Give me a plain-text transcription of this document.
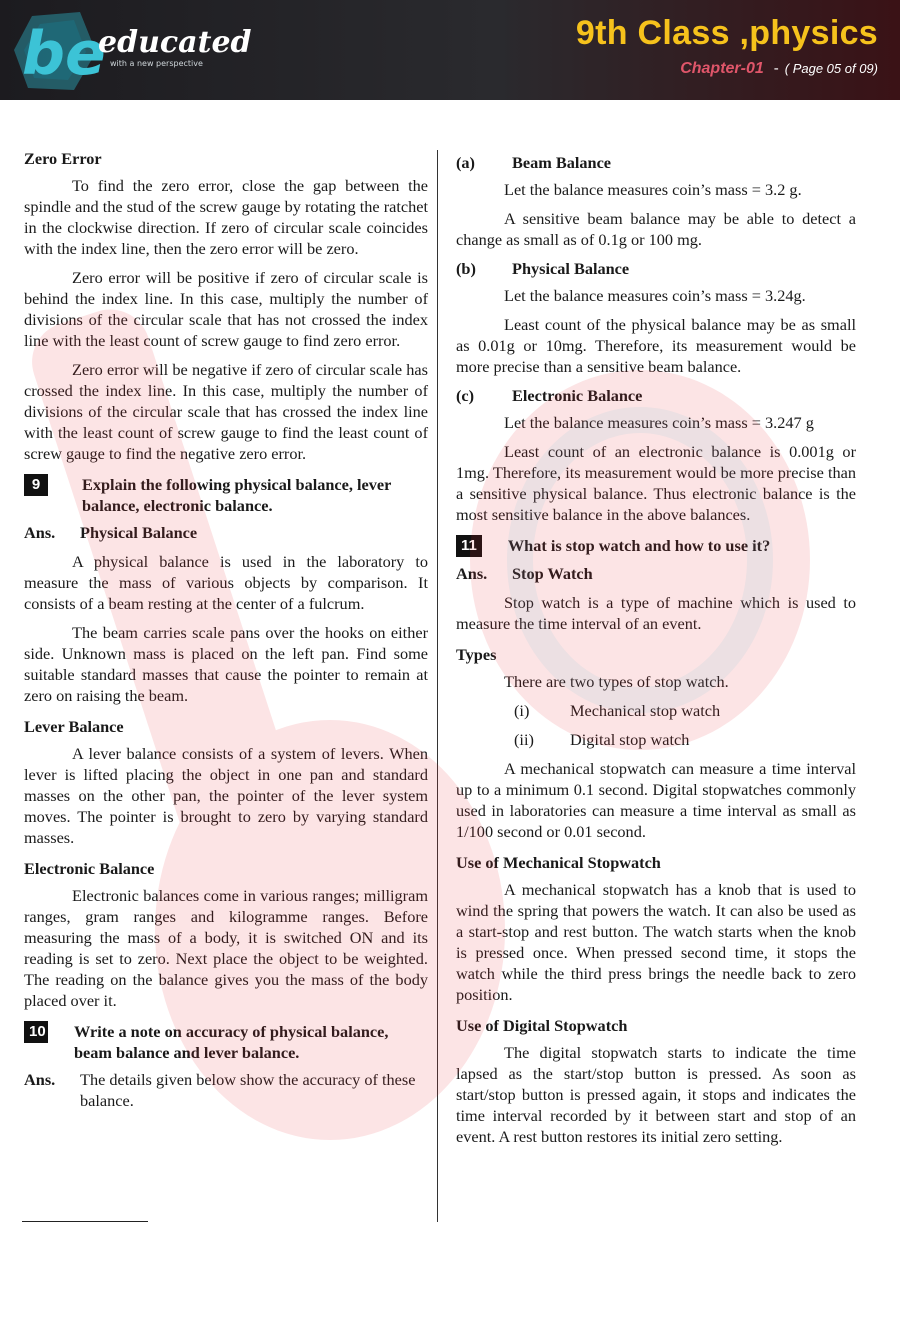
be
educated
with a new perspective
9th Class ,physics
Chapter-01 - ( Page 05 of 09)
Zero Error

To find the zero error, close the gap between the spindle and the stud of the screw gauge by rotating the ratchet in the clockwise direction. If zero of circular scale coincides with the index line, then the zero error will be zero.

Zero error will be positive if zero of circular scale is behind the index line. In this case, multiply the number of divisions of the circular scale that has not crossed the index line with the least count of screw gauge to find zero error.

Zero error will be negative if zero of circular scale has crossed the index line. In this case, multiply the number of divisions of the circular scale that has crossed the index line with the least count of screw gauge to find the least count of screw gauge to find the negative zero error.

9	Explain the following physical balance, lever balance, electronic balance.
Ans.	Physical Balance

A physical balance is used in the laboratory to measure the mass of various objects by comparison. It consists of a beam resting at the center of a fulcrum.

The beam carries scale pans over the hooks on either side. Unknown mass is placed on the left pan. Find some suitable standard masses that cause the pointer to remain at zero on raising the beam.

Lever Balance

A lever balance consists of a system of levers. When lever is lifted placing the object in one pan and standard masses on the other pan, the pointer of the lever system moves. The pointer is brought to zero by varying standard masses.

Electronic Balance

Electronic balances come in various ranges; milligram ranges, gram ranges and kilogramme ranges. Before measuring the mass of a body, it is switched ON and its reading is set to zero. Next place the object to be weighted. The reading on the balance gives you the mass of the body placed over it.

10 Write a note on accuracy of physical balance, beam balance and lever balance.
Ans.	The details given below show the accuracy of these balance.
(a)	Beam Balance

Let the balance measures coin’s mass = 3.2 g.

A sensitive beam balance may be able to detect a change as small as of 0.1g or 100 mg.

(b)	Physical Balance

Let the balance measures coin’s mass = 3.24g.

Least count of the physical balance may be as small as 0.01g or 10mg. Therefore, its measurement would be more precise than a sensitive beam balance.

(c)	Electronic Balance

Let the balance measures coin’s mass = 3.247 g

Least count of an electronic balance is 0.001g or 1mg. Therefore, its measurement would be more precise than a sensitive physical balance. Thus electronic balance is the most sensitive balance in the above balances.

11	What is stop watch and how to use it?
Ans.	Stop Watch

Stop watch is a type of machine which is used to measure the time interval of an event.

Types

There are two types of stop watch.

(i)	Mechanical stop watch
(ii)	Digital stop watch

A mechanical stopwatch can measure a time interval up to a minimum 0.1 second. Digital stopwatches commonly used in laboratories can measure a time interval as small as 1/100 second or 0.01 second.

Use of Mechanical Stopwatch

A mechanical stopwatch has a knob that is used to wind the spring that powers the watch. It can also be used as a start-stop and rest button. The watch starts when the knob is pressed once. When pressed second time, it stops the watch while the third press brings the needle back to zero position.

Use of Digital Stopwatch

The digital stopwatch starts to indicate the time lapsed as the start/stop button is pressed. As soon as start/stop button is pressed again, it stops and indicates the time interval recorded by it between start and stop of an event. A rest button restores its initial zero setting.
